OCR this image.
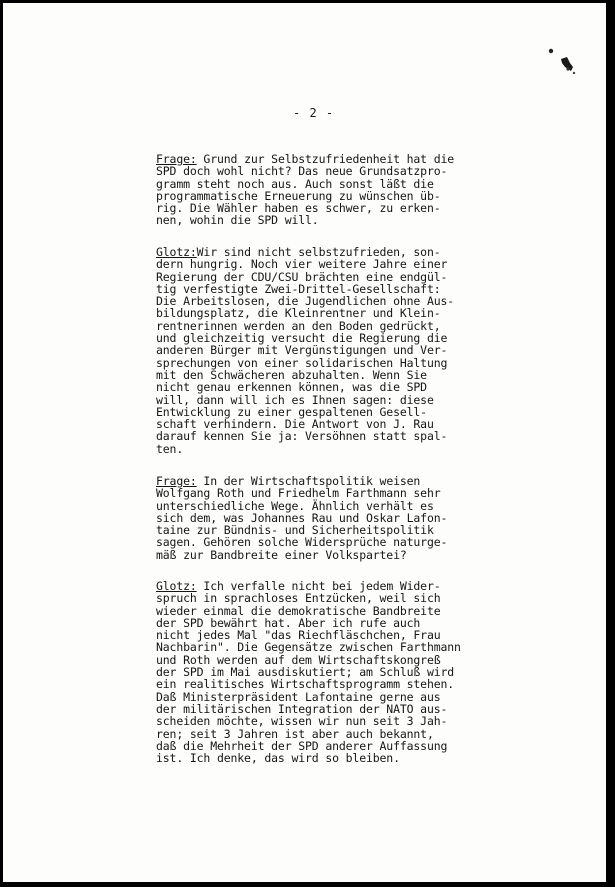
- 2 -
Frage: Grund zur Selbstzufriedenheit hat die
SPD doch wohl nicht? Das neue Grundsatzpro-
gramm steht noch aus. Auch sonst läßt die
programmatische Erneuerung zu wünschen üb-
rig. Die Wähler haben es schwer, zu erken-
nen, wohin die SPD will.
Glotz:Wir sind nicht selbstzufrieden, son-
dern hungrig. Noch vier weitere Jahre einer
Regierung der CDU/CSU brächten eine endgül-
tig verfestigte Zwei-Drittel-Gesellschaft:
Die Arbeitslosen, die Jugendlichen ohne Aus-
bildungsplatz, die Kleinrentner und Klein-
rentnerinnen werden an den Boden gedrückt,
und gleichzeitig versucht die Regierung die
anderen Bürger mit Vergünstigungen und Ver-
sprechungen von einer solidarischen Haltung
mit den Schwächeren abzuhalten. Wenn Sie
nicht genau erkennen können, was die SPD
will, dann will ich es Ihnen sagen: diese
Entwicklung zu einer gespaltenen Gesell-
schaft verhindern. Die Antwort von J. Rau
darauf kennen Sie ja: Versöhnen statt spal-
ten.
Frage: In der Wirtschaftspolitik weisen
Wolfgang Roth und Friedhelm Farthmann sehr
unterschiedliche Wege. Ähnlich verhält es
sich dem, was Johannes Rau und Oskar Lafon-
taine zur Bündnis- und Sicherheitspolitik
sagen. Gehören solche Widersprüche naturge-
mäß zur Bandbreite einer Volkspartei?
Glotz: Ich verfalle nicht bei jedem Wider-
spruch in sprachloses Entzücken, weil sich
wieder einmal die demokratische Bandbreite
der SPD bewährt hat. Aber ich rufe auch
nicht jedes Mal "das Riechfläschchen, Frau
Nachbarin". Die Gegensätze zwischen Farthmann
und Roth werden auf dem Wirtschaftskongreß
der SPD im Mai ausdiskutiert; am Schluß wird
ein realitisches Wirtschaftsprogramm stehen.
Daß Ministerpräsident Lafontaine gerne aus
der militärischen Integration der NATO aus-
scheiden möchte, wissen wir nun seit 3 Jah-
ren; seit 3 Jahren ist aber auch bekannt,
daß die Mehrheit der SPD anderer Auffassung
ist. Ich denke, das wird so bleiben.
